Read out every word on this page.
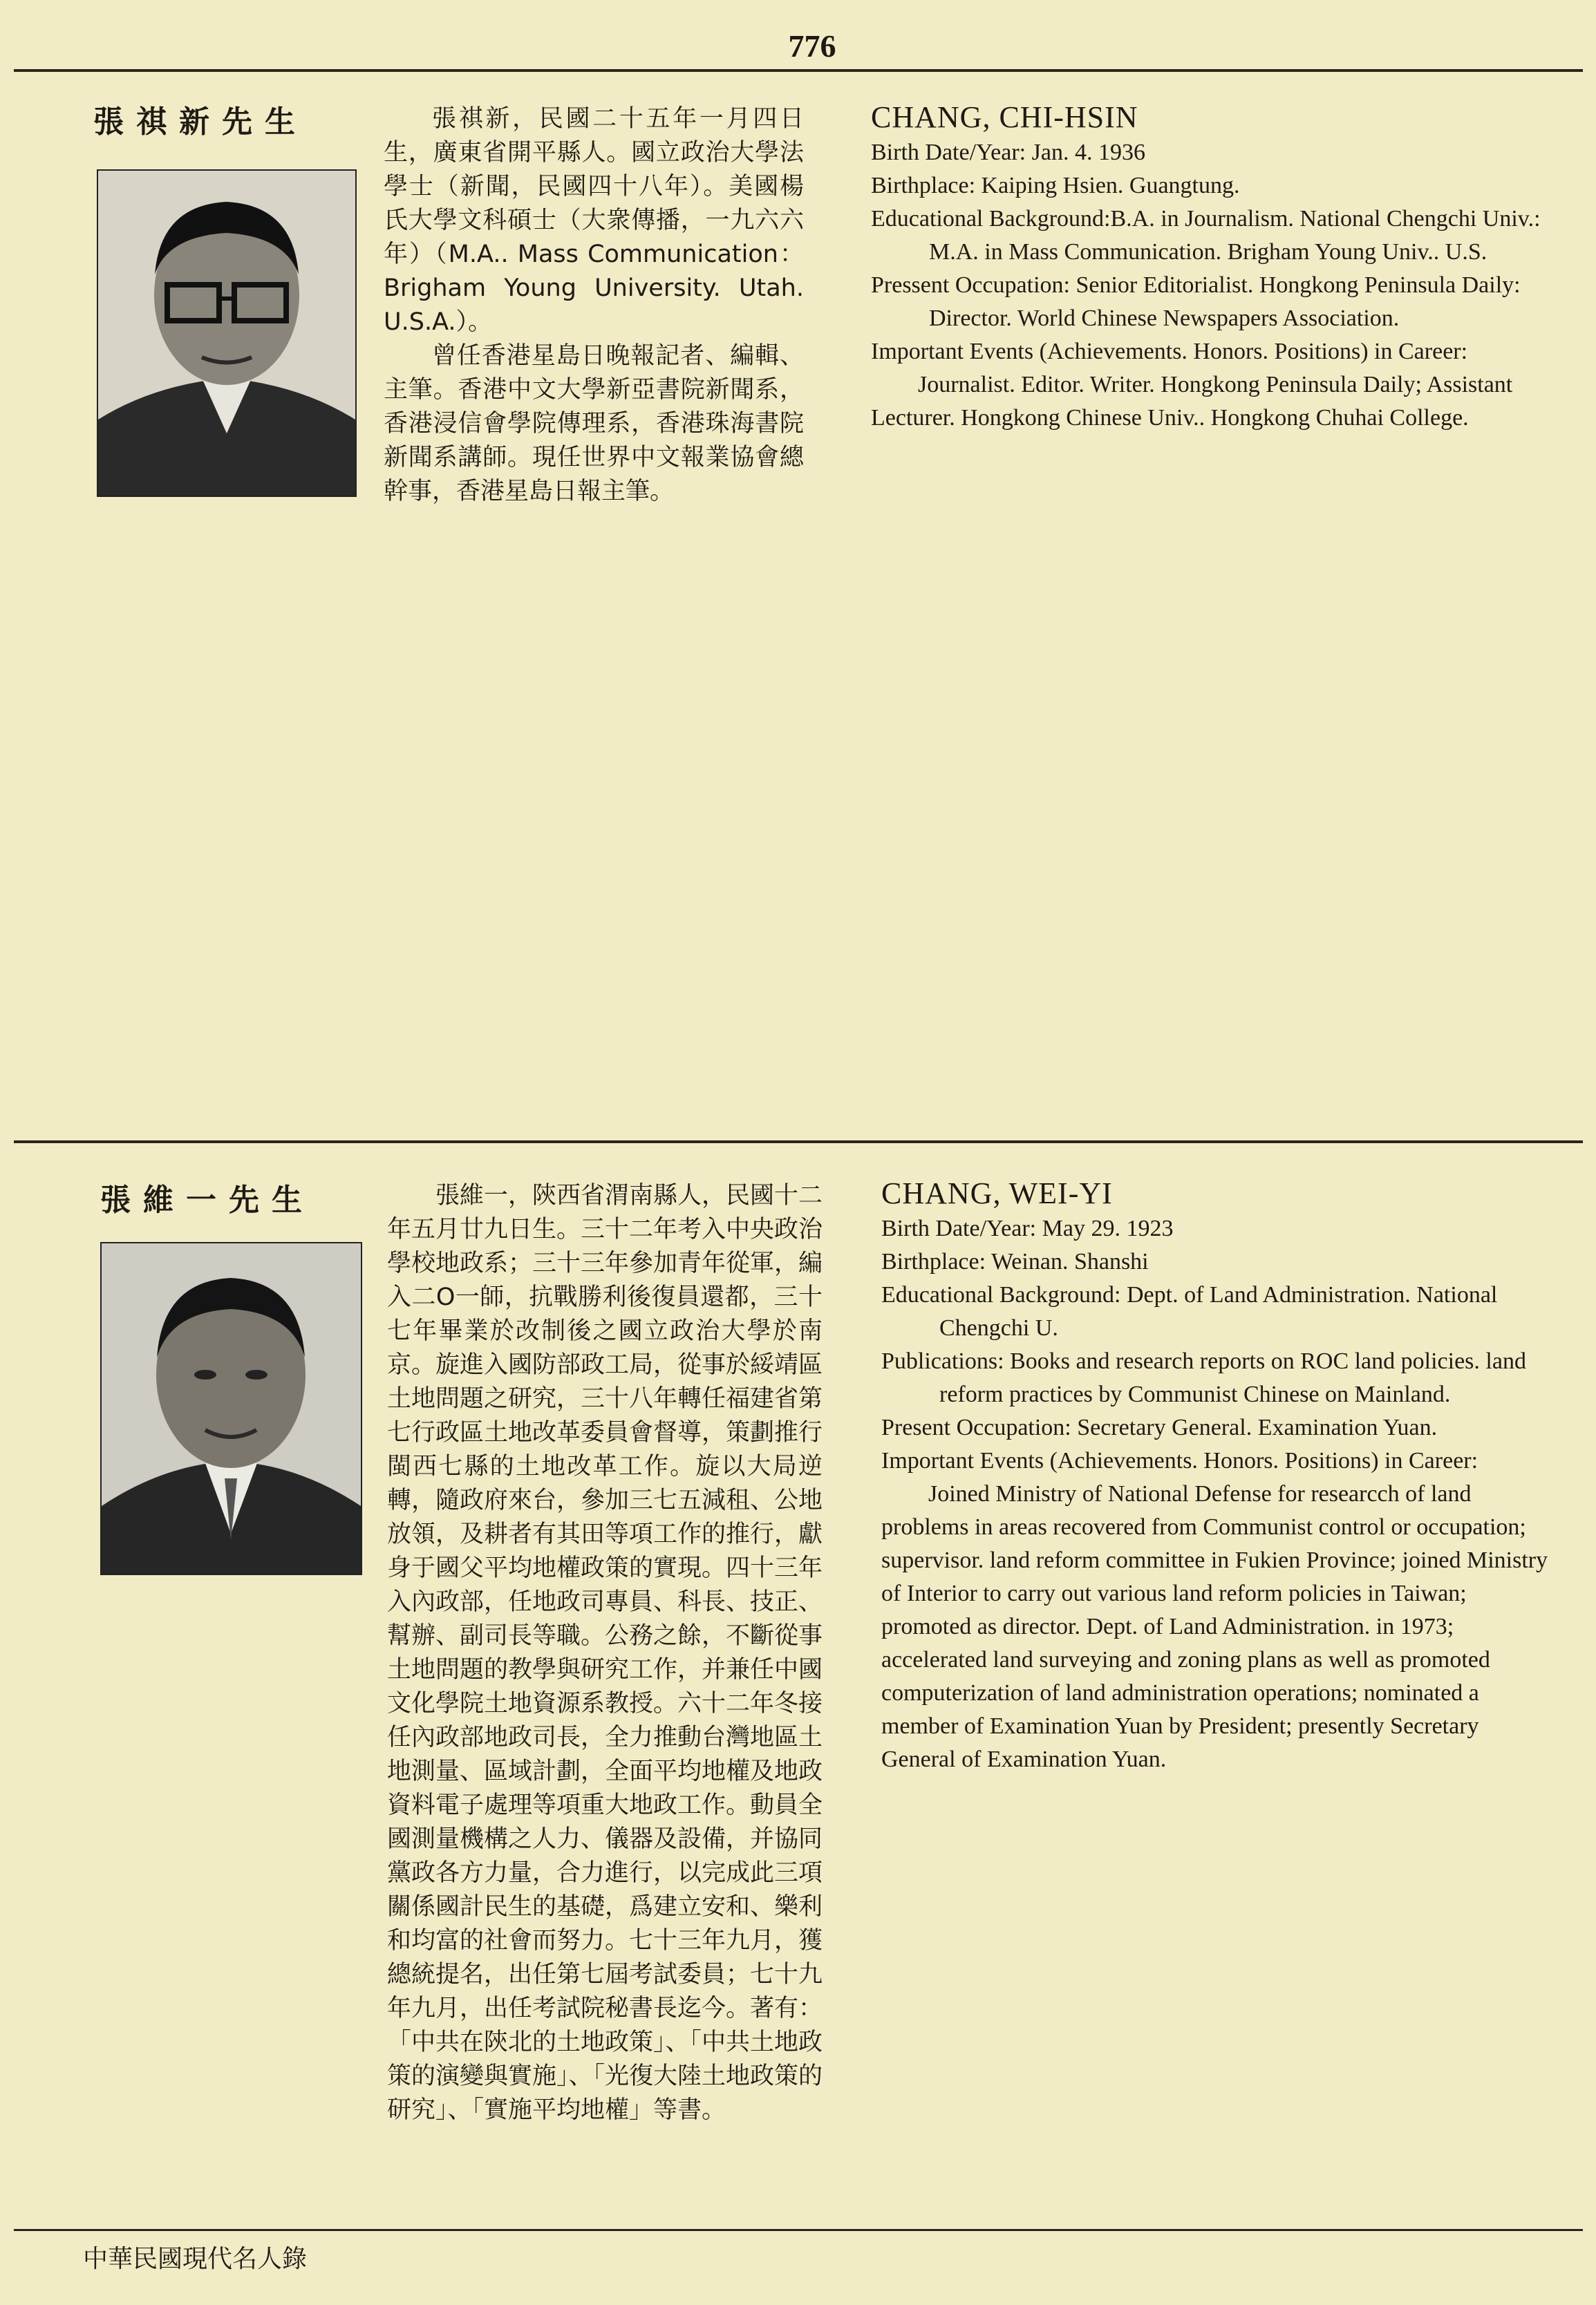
776
張祺新先生	張祺新，民國二十五年一月四日生，廣東省開平縣人。國立政治大學法學士（新聞，民國四十八年）。美國楊氏大學文科碩士（大衆傳播，一九六六年）（M.A.. Mass Communication：Brigham Young University. Utah. U.S.A.）。

曾任香港星島日晚報記者、編輯、主筆。香港中文大學新亞書院新聞系，香港浸信會學院傳理系，香港珠海書院新聞系講師。現任世界中文報業協會總幹事，香港星島日報主筆。

CHANG, CHI-HSIN

Birth Date/Year: Jan. 4. 1936

Birthplace: Kaiping Hsien. Guangtung.

Educational Background:B.A. in Journalism. National Chengchi Univ.: M.A. in Mass Communication. Brigham Young Univ.. U.S.

Pressent Occupation: Senior Editorialist. Hongkong Peninsula Daily: Director. World Chinese Newspapers Association.

Important Events (Achievements. Honors. Positions) in Career:

Journalist. Editor. Writer. Hongkong Peninsula Daily; Assistant Lecturer. Hongkong Chinese Univ.. Hongkong Chuhai College.

張維一先生	張維一，陝西省渭南縣人，民國十二年五月廿九日生。三十二年考入中央政治學校地政系；三十三年參加青年從軍，編入二O一師，抗戰勝利後復員還都，三十七年畢業於改制後之國立政治大學於南京。旋進入國防部政工局，從事於綏靖區土地問題之研究，三十八年轉任福建省第七行政區土地改革委員會督導，策劃推行閩西七縣的土地改革工作。旋以大局逆轉，隨政府來台，參加三七五減租、公地放領，及耕者有其田等項工作的推行，獻身于國父平均地權政策的實現。四十三年入內政部，任地政司專員、科長、技正、幫辦、副司長等職。公務之餘，不斷從事土地問題的教學與研究工作，并兼任中國文化學院土地資源系教授。六十二年冬接任內政部地政司長，全力推動台灣地區土地測量、區域計劃，全面平均地權及地政資料電子處理等項重大地政工作。動員全國測量機構之人力、儀器及設備，并協同黨政各方力量，合力進行，以完成此三項關係國計民生的基礎，爲建立安和、樂利和均富的社會而努力。七十三年九月，獲總統提名，出任第七屆考試委員；七十九年九月，出任考試院秘書長迄今。著有：「中共在陝北的土地政策」、「中共土地政策的演變與實施」、「光復大陸土地政策的研究」、「實施平均地權」等書。

CHANG, WEI-YI

Birth Date/Year: May 29. 1923

Birthplace: Weinan. Shanshi

Educational Background: Dept. of Land Administration. National Chengchi U.

Publications: Books and research reports on ROC land policies. land reform practices by Communist Chinese on Mainland.

Present Occupation: Secretary General. Examination Yuan.

Important Events (Achievements. Honors. Positions) in Career:

Joined Ministry of National Defense for researcch of land problems in areas recovered from Communist control or occupation; supervisor. land reform committee in Fukien Province; joined Ministry of Interior to carry out various land reform policies in Taiwan; promoted as director. Dept. of Land Administration. in 1973; accelerated land surveying and zoning plans as well as promoted computerization of land administration operations; nominated a member of Examination Yuan by President; presently Secretary General of Examination Yuan.

中華民國現代名人錄
